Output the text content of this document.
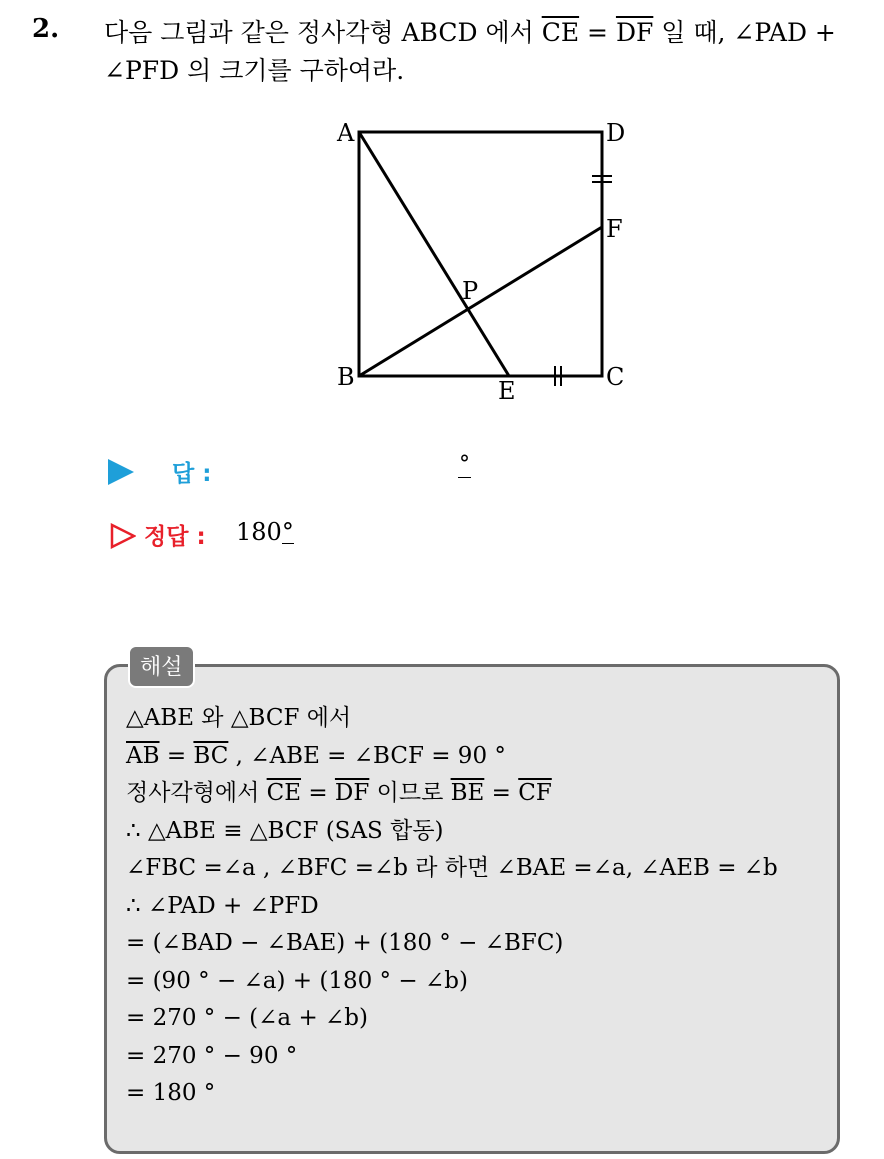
2. 다음 그림과 같은 정사각형 ABCD 에서 $\overline{CE} = \overline{DF}$ 일 때, ∠PAD +
∠PFD 의 크기를 구하여라.
A	D
F
P
B	E	C
답 :	°
정답 : 180°
해설
△ABE 와 △BCF 에서
$\overline{AB} = \overline{BC}$ , ∠ABE = ∠BCF = 90 °
정사각형에서 $\overline{CE} = \overline{DF}$ 이므로 $\overline{BE} = \overline{CF}$
∴ △ABE ≡ △BCF (SAS 합동)
∠FBC =∠a , ∠BFC =∠b 라 하면 ∠BAE =∠a, ∠AEB = ∠b
∴ ∠PAD + ∠PFD
= (∠BAD − ∠BAE) + (180 ° − ∠BFC)
= (90 ° − ∠a) + (180 ° − ∠b)
= 270 ° − (∠a + ∠b)
= 270 ° − 90 °
= 180 °
